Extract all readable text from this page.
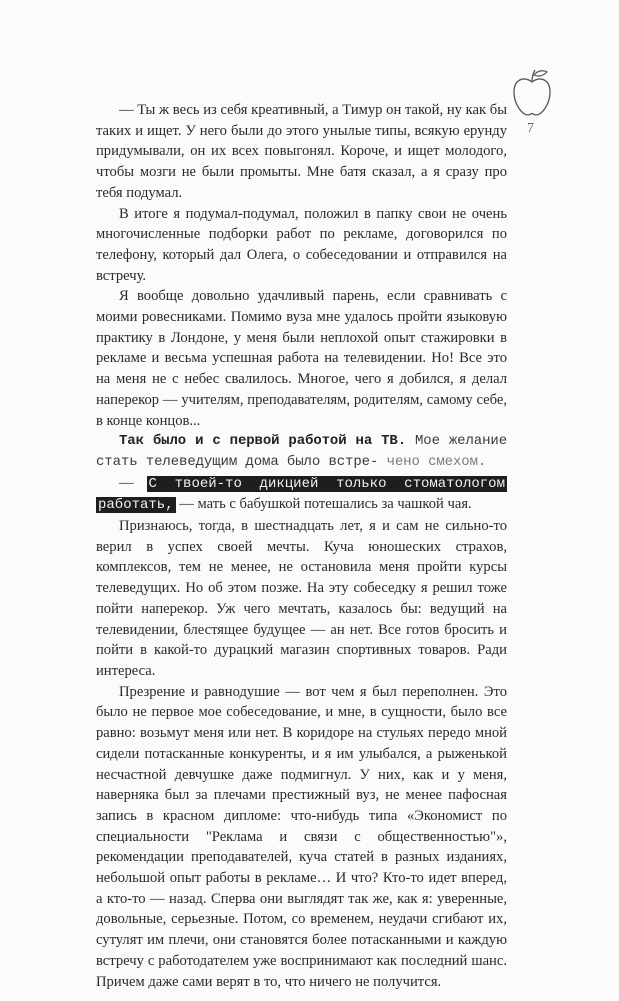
7

— Ты ж весь из себя креативный, а Тимур он такой, ну как бы таких и ищет. У него были до этого унылые типы, всякую ерунду придумывали, он их всех повыгонял. Короче, и ищет молодого, чтобы мозги не были промыты. Мне батя сказал, а я сразу про тебя подумал.

В итоге я подумал-подумал, положил в папку свои не очень многочисленные подборки работ по рекламе, договорился по телефону, который дал Олега, о собеседовании и отправился на встречу.

Я вообще довольно удачливый парень, если сравнивать с моими ровесниками. Помимо вуза мне удалось пройти языковую практику в Лондоне, у меня были неплохой опыт стажировки в рекламе и весьма успешная работа на телевидении. Но! Все это на меня не с небес свалилось. Многое, чего я добился, я делал наперекор — учителям, преподавателям, родителям, самому себе, в конце концов...

Так было и с первой работой на ТВ. Мое желание стать телеведущим дома было встре- чено смехом.

— С твоей-то дикцией только стоматологом работать, — мать с бабушкой потешались за чашкой чая.

Признаюсь, тогда, в шестнадцать лет, я и сам не сильно-то верил в успех своей мечты. Куча юношеских страхов, комплексов, тем не менее, не остановила меня пройти курсы телеведущих. Но об этом позже. На эту собеседку я решил тоже пойти наперекор. Уж чего мечтать, казалось бы: ведущий на телевидении, блестящее будущее — ан нет. Все готов бросить и пойти в какой-то дурацкий магазин спортивных товаров. Ради интереса.

Презрение и равнодушие — вот чем я был переполнен. Это было не первое мое собеседование, и мне, в сущности, было все равно: возьмут меня или нет. В коридоре на стульях передо мной сидели потасканные конкуренты, и я им улыбался, а рыженькой несчастной девчушке даже подмигнул. У них, как и у меня, наверняка был за плечами престижный вуз, не менее пафосная запись в красном дипломе: что-нибудь типа «Экономист по специальности "Реклама и связи с общественностью"», рекомендации преподавателей, куча статей в разных изданиях, небольшой опыт работы в рекламе… И что? Кто-то идет вперед, а кто-то — назад. Сперва они выглядят так же, как я: уверенные, довольные, серьезные. Потом, со временем, неудачи сгибают их, сутулят им плечи, они становятся более потасканными и каждую встречу с работодателем уже воспринимают как последний шанс. Причем даже сами верят в то, что ничего не получится.
